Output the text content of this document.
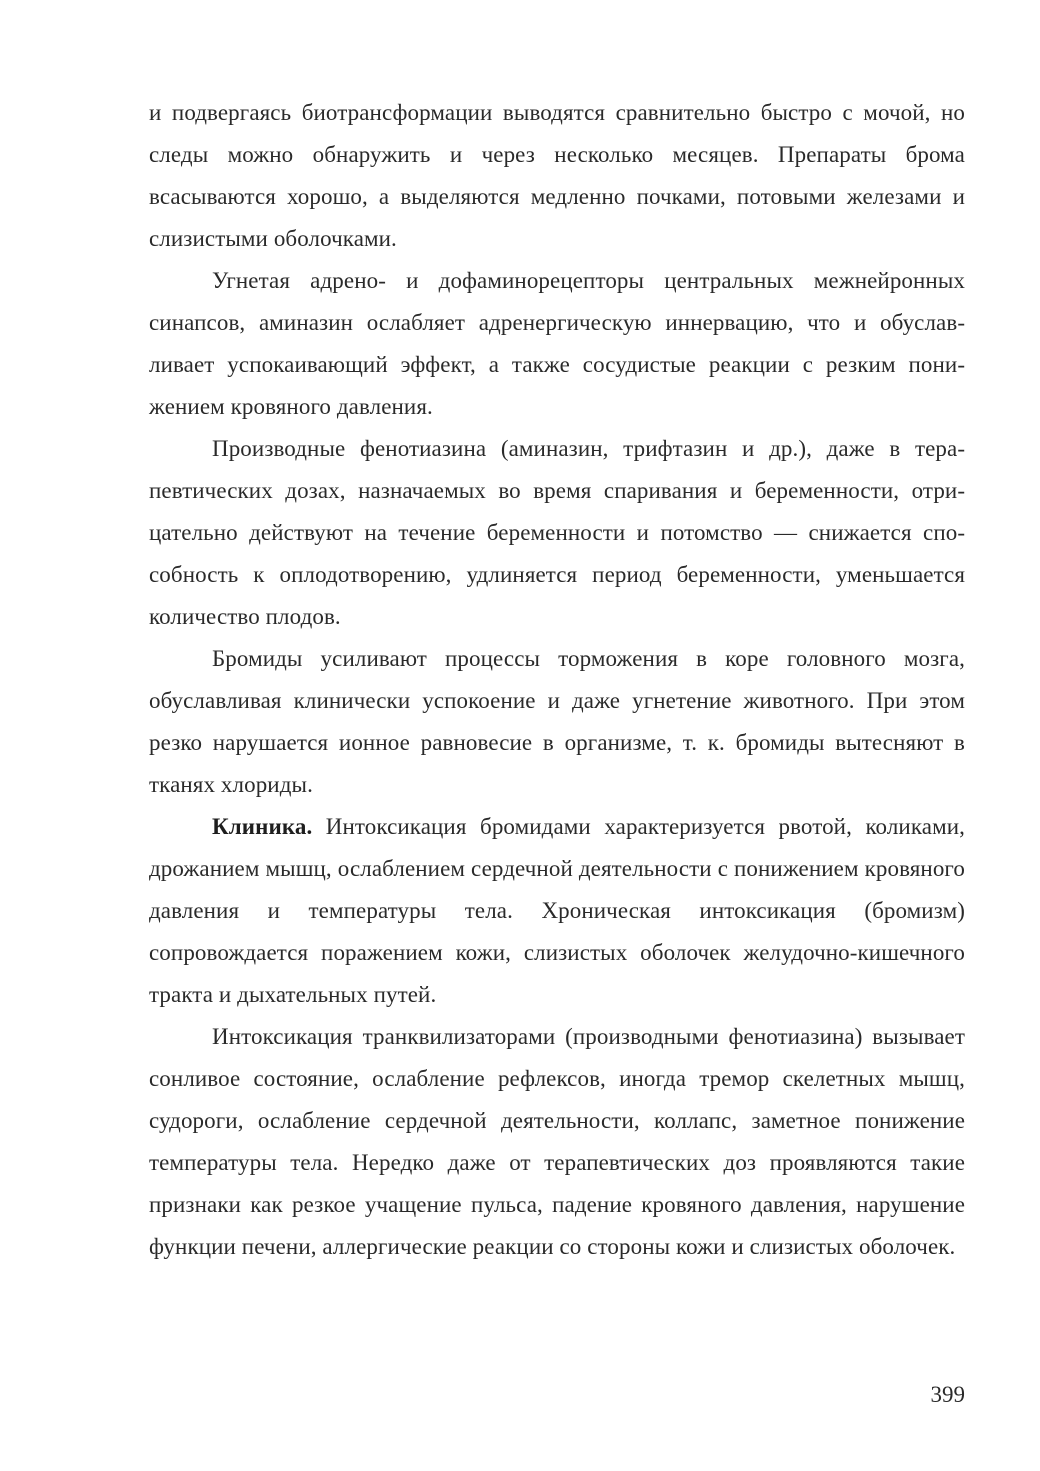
и подвергаясь биотрансформации выводятся сравнительно быстро с мочой, но следы можно обнаружить и через несколько месяцев. Препараты брома всасываются хорошо, а выделяются медленно почками, потовыми железами и слизистыми оболочками.

Угнетая адрено- и дофаминорецепторы центральных межнейронных синапсов, аминазин ослабляет адренергическую иннервацию, что и обуславливает успокаивающий эффект, а также сосудистые реакции с резким понижением кровяного давления.

Производные фенотиазина (аминазин, трифтазин и др.), даже в терапевтических дозах, назначаемых во время спаривания и беременности, отрицательно действуют на течение беременности и потомство — снижается способность к оплодотворению, удлиняется период беременности, уменьшается количество плодов.

Бромиды усиливают процессы торможения в коре головного мозга, обуславливая клинически успокоение и даже угнетение животного. При этом резко нарушается ионное равновесие в организме, т. к. бромиды вытесняют в тканях хлориды.

Клиника. Интоксикация бромидами характеризуется рвотой, коликами, дрожанием мышц, ослаблением сердечной деятельности с понижением кровяного давления и температуры тела. Хроническая интоксикация (бромизм) сопровождается поражением кожи, слизистых оболочек желудочно-кишечного тракта и дыхательных путей.

Интоксикация транквилизаторами (производными фенотиазина) вызывает сонливое состояние, ослабление рефлексов, иногда тремор скелетных мышц, судороги, ослабление сердечной деятельности, коллапс, заметное понижение температуры тела. Нередко даже от терапевтических доз проявляются такие признаки как резкое учащение пульса, падение кровяного давления, нарушение функции печени, аллергические реакции со стороны кожи и слизистых оболочек.

399
